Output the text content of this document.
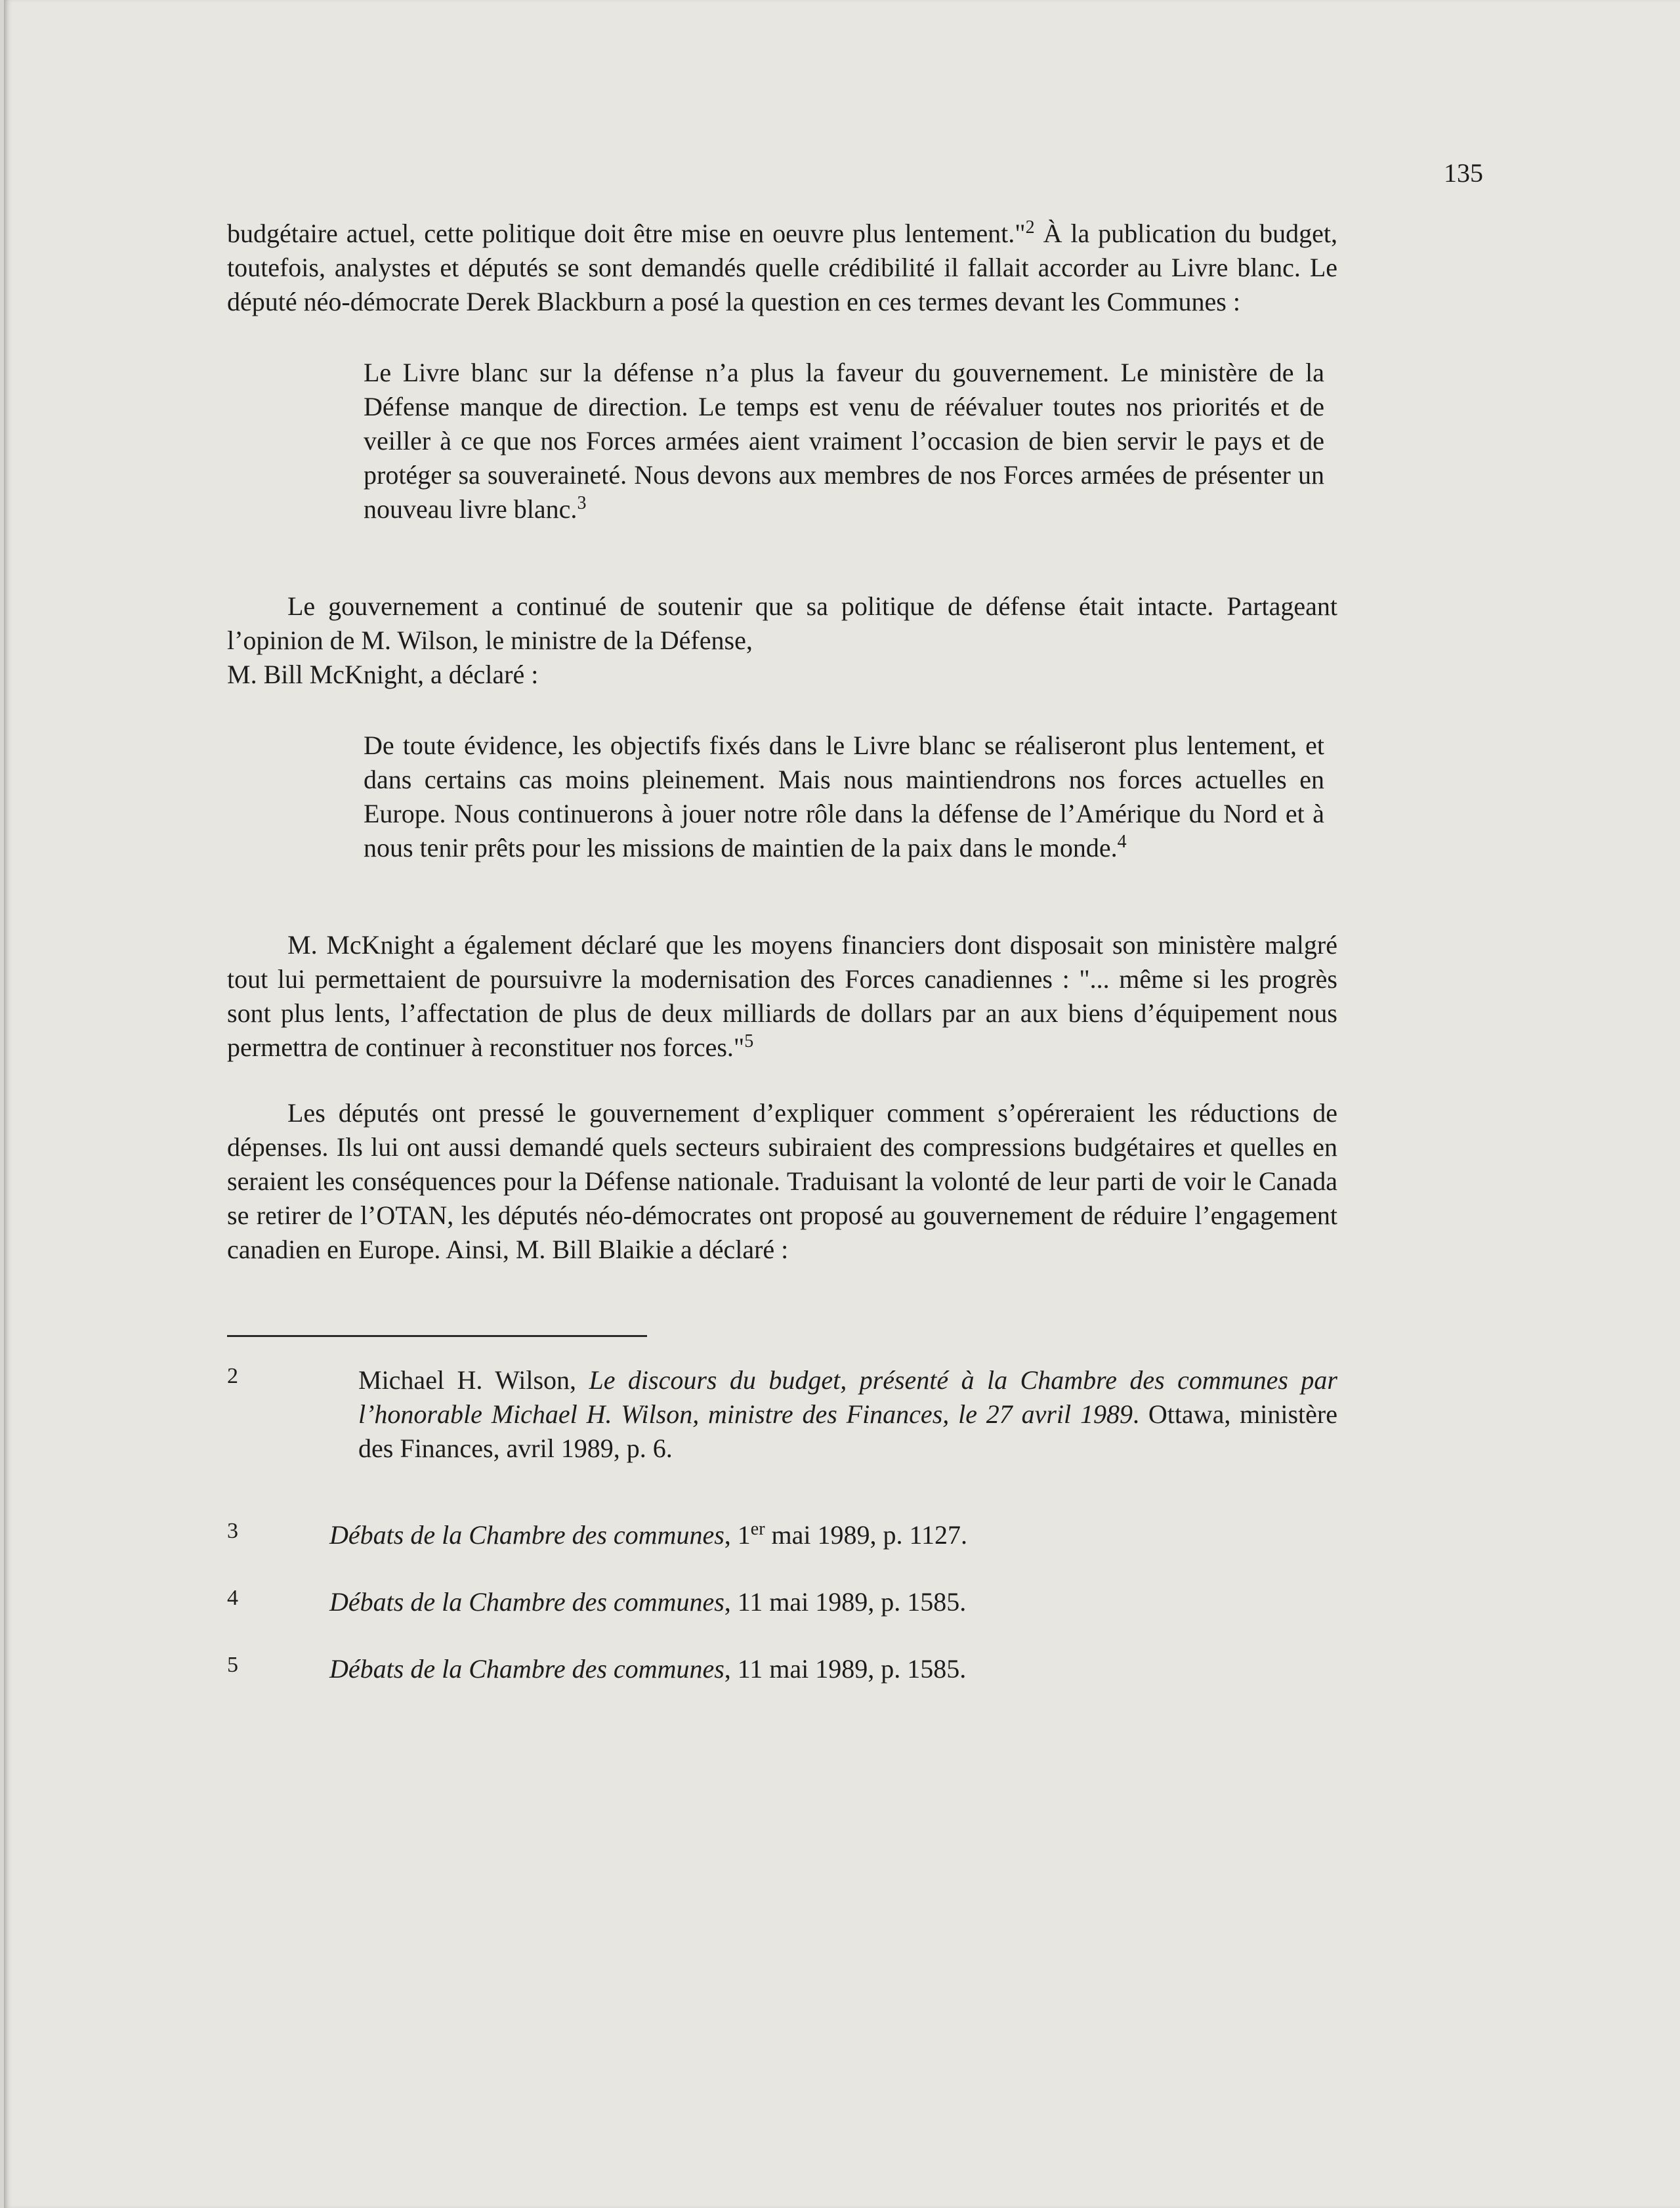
135

budgétaire actuel, cette politique doit être mise en oeuvre plus lentement."$^2$ À la publication du budget, toutefois, analystes et députés se sont demandés quelle crédibilité il fallait accorder au Livre blanc. Le député néo-démocrate Derek Blackburn a posé la question en ces termes devant les Communes :

Le Livre blanc sur la défense n’a plus la faveur du gouvernement. Le ministère de la Défense manque de direction. Le temps est venu de réévaluer toutes nos priorités et de veiller à ce que nos Forces armées aient vraiment l’occasion de bien servir le pays et de protéger sa souveraineté. Nous devons aux membres de nos Forces armées de présenter un nouveau livre blanc.$^3$

Le gouvernement a continué de soutenir que sa politique de défense était intacte. Partageant l’opinion de M. Wilson, le ministre de la Défense,
M. Bill McKnight, a déclaré :

De toute évidence, les objectifs fixés dans le Livre blanc se réaliseront plus lentement, et dans certains cas moins pleinement. Mais nous maintiendrons nos forces actuelles en Europe. Nous continuerons à jouer notre rôle dans la défense de l’Amérique du Nord et à nous tenir prêts pour les missions de maintien de la paix dans le monde.$^4$

M. McKnight a également déclaré que les moyens financiers dont disposait son ministère malgré tout lui permettaient de poursuivre la modernisation des Forces canadiennes : "... même si les progrès sont plus lents, l’affectation de plus de deux milliards de dollars par an aux biens d’équipement nous permettra de continuer à reconstituer nos forces."$^5$

Les députés ont pressé le gouvernement d’expliquer comment s’opéreraient les réductions de dépenses. Ils lui ont aussi demandé quels secteurs subiraient des compressions budgétaires et quelles en seraient les conséquences pour la Défense nationale. Traduisant la volonté de leur parti de voir le Canada se retirer de l’OTAN, les députés néo-démocrates ont proposé au gouvernement de réduire l’engagement canadien en Europe. Ainsi, M. Bill Blaikie a déclaré :

2	Michael H. Wilson, Le discours du budget, présenté à la Chambre des communes par l’honorable Michael H. Wilson, ministre des Finances, le 27 avril 1989. Ottawa, ministère des Finances, avril 1989, p. 6.
3	Débats de la Chambre des communes, 1er mai 1989, p. 1127.
4	Débats de la Chambre des communes, 11 mai 1989, p. 1585.
5	Débats de la Chambre des communes, 11 mai 1989, p. 1585.
